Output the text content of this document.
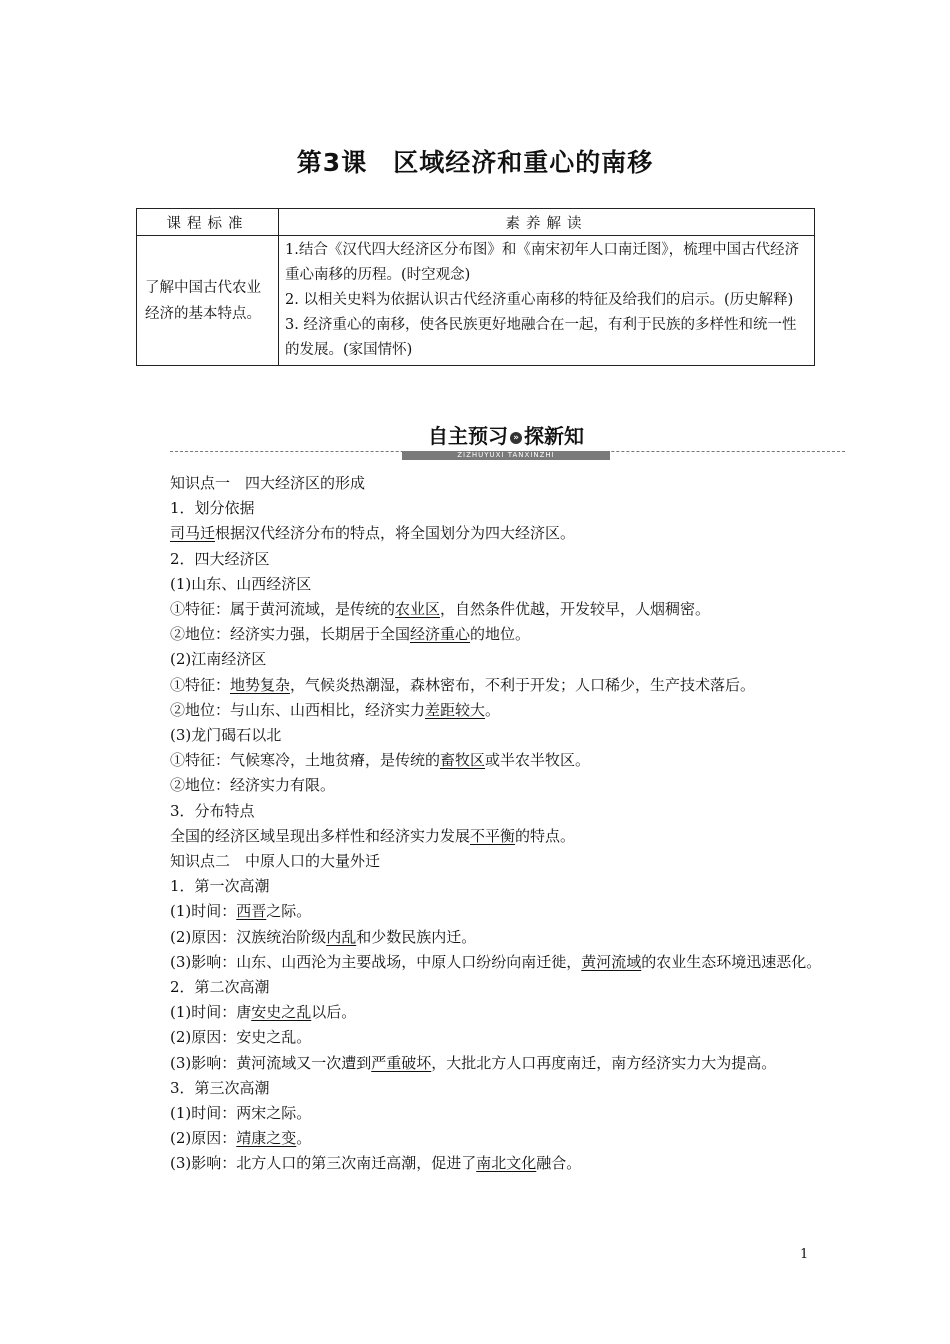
第3课　区域经济和重心的南移
课程标准	素养解读
了解中国古代农业经济的基本特点。	1.结合《汉代四大经济区分布图》和《南宋初年人口南迁图》，梳理中国古代经济重心南移的历程。(时空观念)
2. 以相关史料为依据认识古代经济重心南移的特征及给我们的启示。(历史解释)
3. 经济重心的南移，使各民族更好地融合在一起，有利于民族的多样性和统一性的发展。(家国情怀)
自主预习 » 探新知
ZIZHUYUXI TANXINZHI
知识点一　四大经济区的形成
1．划分依据
司马迁根据汉代经济分布的特点，将全国划分为四大经济区。
2．四大经济区
(1)山东、山西经济区
①特征：属于黄河流域，是传统的农业区，自然条件优越，开发较早，人烟稠密。
②地位：经济实力强，长期居于全国经济重心的地位。
(2)江南经济区
①特征：地势复杂，气候炎热潮湿，森林密布，不利于开发；人口稀少，生产技术落后。
②地位：与山东、山西相比，经济实力差距较大。
(3)龙门碣石以北
①特征：气候寒冷，土地贫瘠，是传统的畜牧区或半农半牧区。
②地位：经济实力有限。
3．分布特点
全国的经济区域呈现出多样性和经济实力发展不平衡的特点。
知识点二　中原人口的大量外迁
1．第一次高潮
(1)时间：西晋之际。
(2)原因：汉族统治阶级内乱和少数民族内迁。
(3)影响：山东、山西沦为主要战场，中原人口纷纷向南迁徙，黄河流域的农业生态环境迅速恶化。
2．第二次高潮
(1)时间：唐安史之乱以后。
(2)原因：安史之乱。
(3)影响：黄河流域又一次遭到严重破坏，大批北方人口再度南迁，南方经济实力大为提高。
3．第三次高潮
(1)时间：两宋之际。
(2)原因：靖康之变。
(3)影响：北方人口的第三次南迁高潮，促进了南北文化融合。
1
